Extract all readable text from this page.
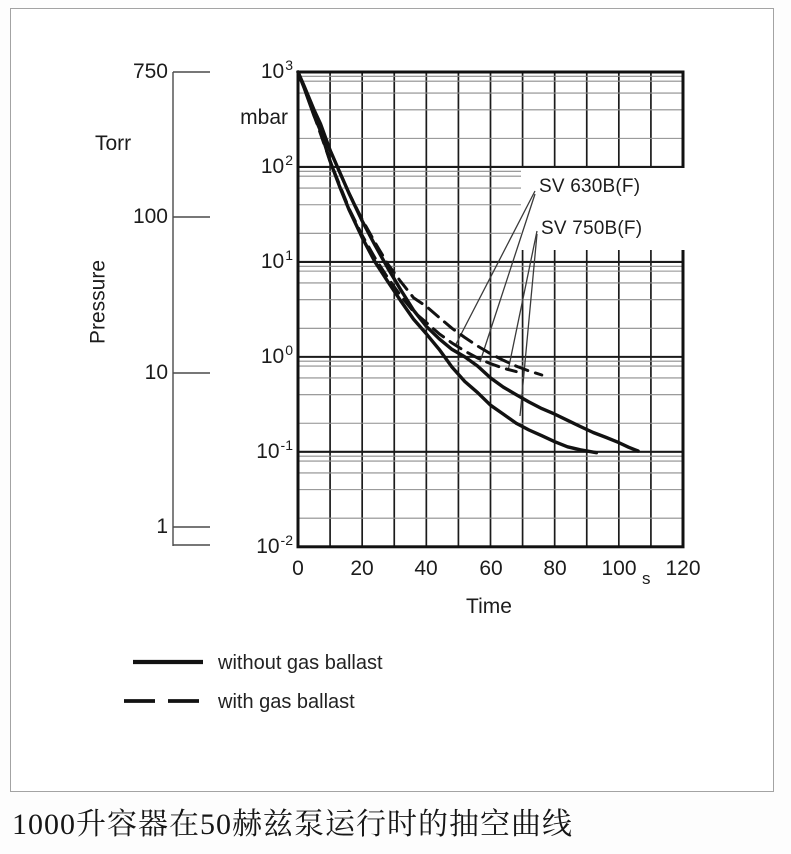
$10^3$
$10^2$
$10^1$
$10^0$
$10^{-1}$
$10^{-2}$
750
100
10
1
0 20 40 60 80 100 120
mbar
Torr
Pressure
Time
s
SV 630B(F)
SV 750B(F)
without gas ballast
with gas ballast
1000升容器在50赫兹泵运行时的抽空曲线
